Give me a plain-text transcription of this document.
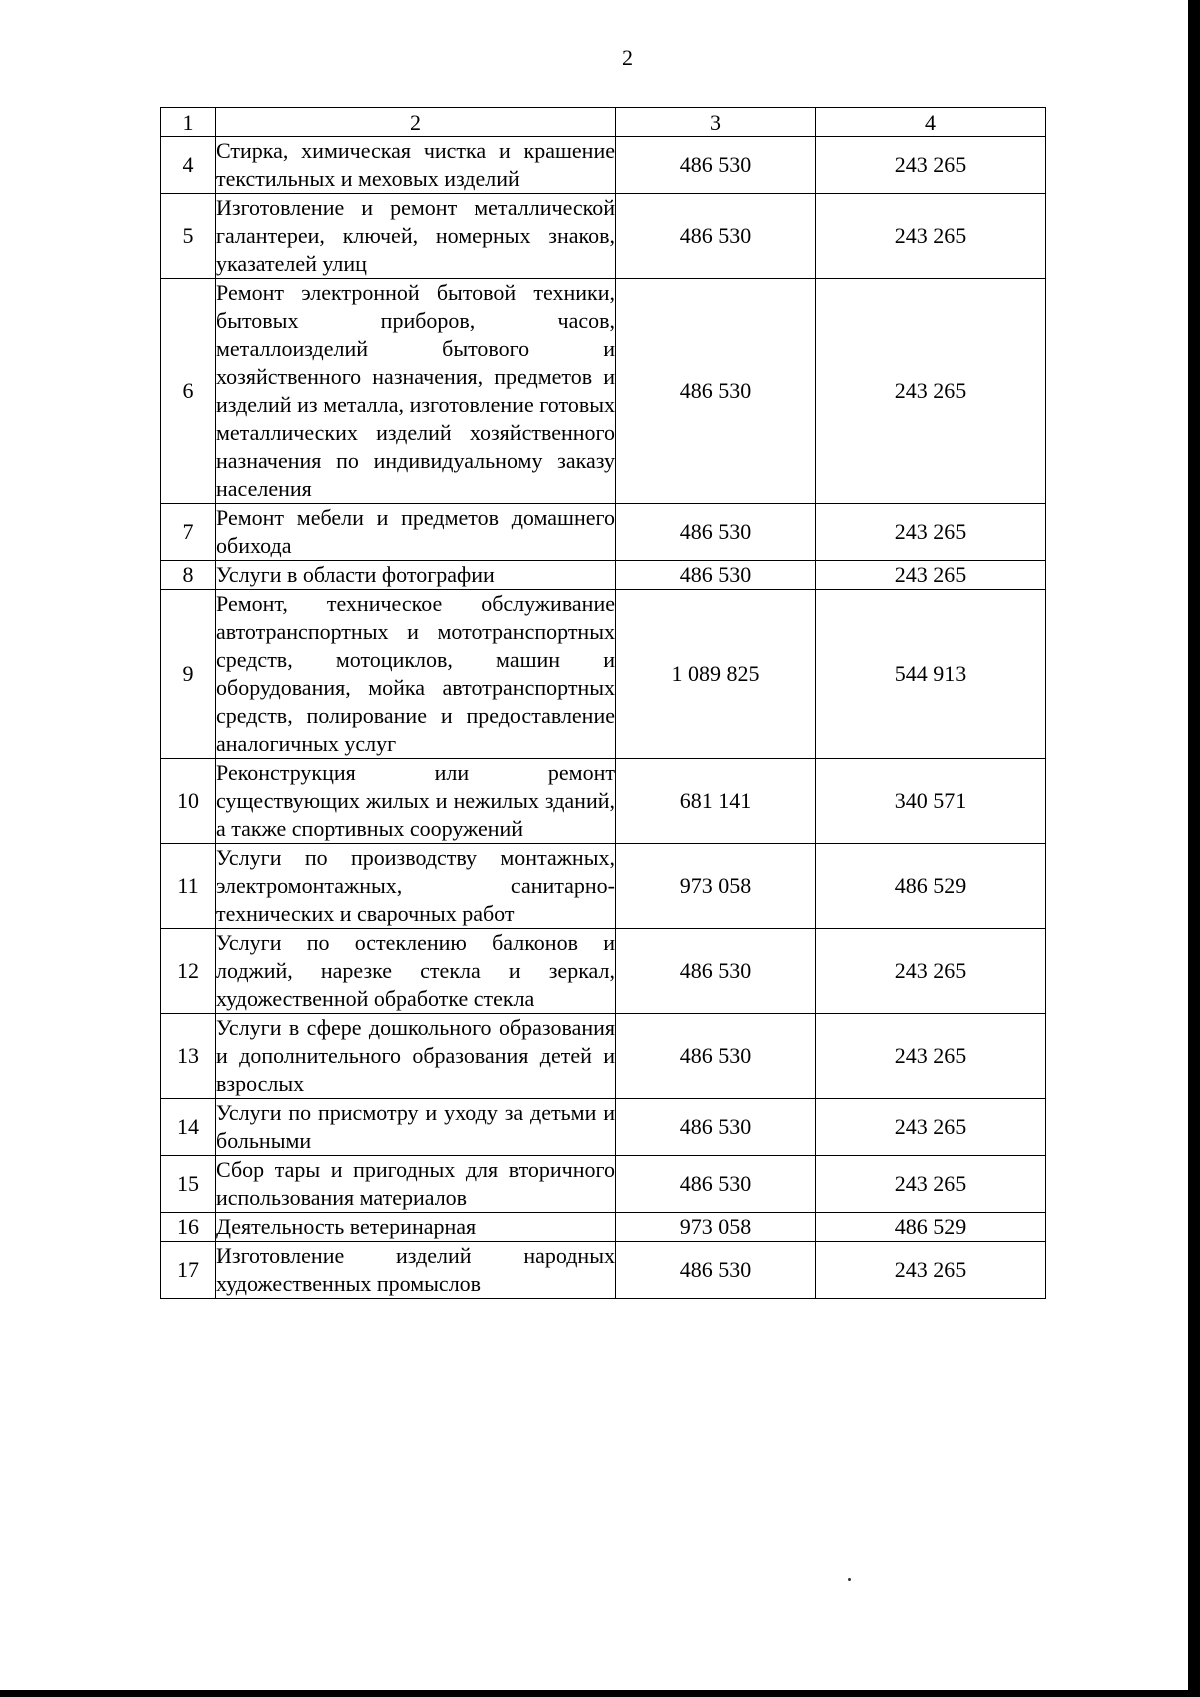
2
1	2	3	4
4	Стирка, химическая чистка и крашение текстильных и меховых изделий	486 530	243 265
5	Изготовление и ремонт металлической галантереи, ключей, номерных знаков, указателей улиц	486 530	243 265
6	Ремонт электронной бытовой техники, бытовых приборов, часов, металлоизделий бытового и хозяйственного назначения, предметов и изделий из металла, изготовление готовых металлических изделий хозяйственного назначения по индивидуальному заказу населения	486 530	243 265
7	Ремонт мебели и предметов домашнего обихода	486 530	243 265
8	Услуги в области фотографии	486 530	243 265
9	Ремонт, техническое обслуживание автотранспортных и мототранспортных средств, мотоциклов, машин и оборудования, мойка автотранспортных средств, полирование и предоставление аналогичных услуг	1 089 825	544 913
10	Реконструкция или ремонт существующих жилых и нежилых зданий, а также спортивных сооружений	681 141	340 571
11	Услуги по производству монтажных, электромонтажных, санитарно-технических и сварочных работ	973 058	486 529
12	Услуги по остеклению балконов и лоджий, нарезке стекла и зеркал, художественной обработке стекла	486 530	243 265
13	Услуги в сфере дошкольного образования и дополнительного образования детей и взрослых	486 530	243 265
14	Услуги по присмотру и уходу за детьми и больными	486 530	243 265
15	Сбор тары и пригодных для вторичного использования материалов	486 530	243 265
16	Деятельность ветеринарная	973 058	486 529
17	Изготовление изделий народных художественных промыслов	486 530	243 265
